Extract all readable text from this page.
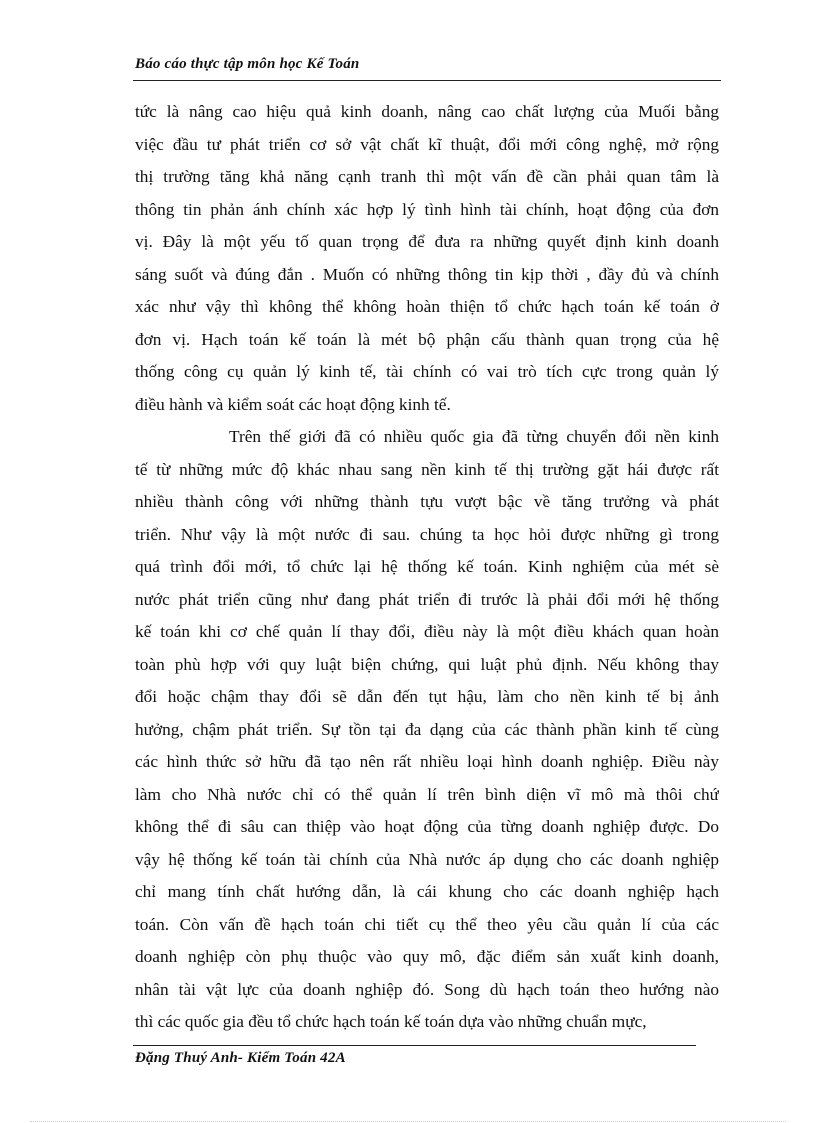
Báo cáo thực tập môn học Kế Toán
tức là nâng cao hiệu quả kinh doanh, nâng cao chất lượng của Muối bằng
việc đầu tư phát triển cơ sở vật chất kĩ thuật, đổi mới công nghệ, mở rộng
thị trường tăng khả năng cạnh tranh thì một vấn đề cần phải quan tâm là
thông tin phản ánh chính xác hợp lý tình hình tài chính, hoạt động của đơn
vị. Đây là một yếu tố quan trọng để đưa ra những quyết định kinh doanh
sáng suốt và đúng đắn . Muốn có những thông tin kịp thời , đầy đủ và chính
xác như vậy thì không thể không hoàn thiện tổ chức hạch toán kế toán ở
đơn vị. Hạch toán kế toán là mét bộ phận cấu thành quan trọng của hệ
thống công cụ quản lý kinh tế, tài chính có vai trò tích cực trong quản lý
điều hành và kiểm soát các hoạt động kinh tế.
Trên thế giới đã có nhiều quốc gia đã từng chuyển đổi nền kinh
tế từ những mức độ khác nhau sang nền kinh tế thị trường gặt hái được rất
nhiều thành công với những thành tựu vượt bậc về tăng trưởng và phát
triển. Như vậy là một nước đi sau. chúng ta học hỏi được những gì trong
quá trình đổi mới, tổ chức lại hệ thống kế toán. Kinh nghiệm của mét sè
nước phát triển cũng như đang phát triển đi trước là phải đổi mới hệ thống
kế toán khi cơ chế quản lí thay đổi, điều này là một điều khách quan hoàn
toàn phù hợp với quy luật biện chứng, qui luật phủ định. Nếu không thay
đổi hoặc chậm thay đổi sẽ dẫn đến tụt hậu, làm cho nền kinh tế bị ảnh
hưởng, chậm phát triển. Sự tồn tại đa dạng của các thành phần kinh tế cùng
các hình thức sở hữu đã tạo nên rất nhiều loại hình doanh nghiệp. Điều này
làm cho Nhà nước chỉ có thể quản lí trên bình diện vĩ mô mà thôi chứ
không thể đi sâu can thiệp vào hoạt động của từng doanh nghiệp được. Do
vậy hệ thống kế toán tài chính của Nhà nước áp dụng cho các doanh nghiệp
chỉ mang tính chất hướng dẫn, là cái khung cho các doanh nghiệp hạch
toán. Còn vấn đề hạch toán chi tiết cụ thể theo yêu cầu quản lí của các
doanh nghiệp còn phụ thuộc vào quy mô, đặc điểm sản xuất kinh doanh,
nhân tài vật lực của doanh nghiệp đó. Song dù hạch toán theo hướng nào
thì các quốc gia đều tổ chức hạch toán kế toán dựa vào những chuẩn mực,
Đặng Thuý Anh- Kiểm Toán 42A
